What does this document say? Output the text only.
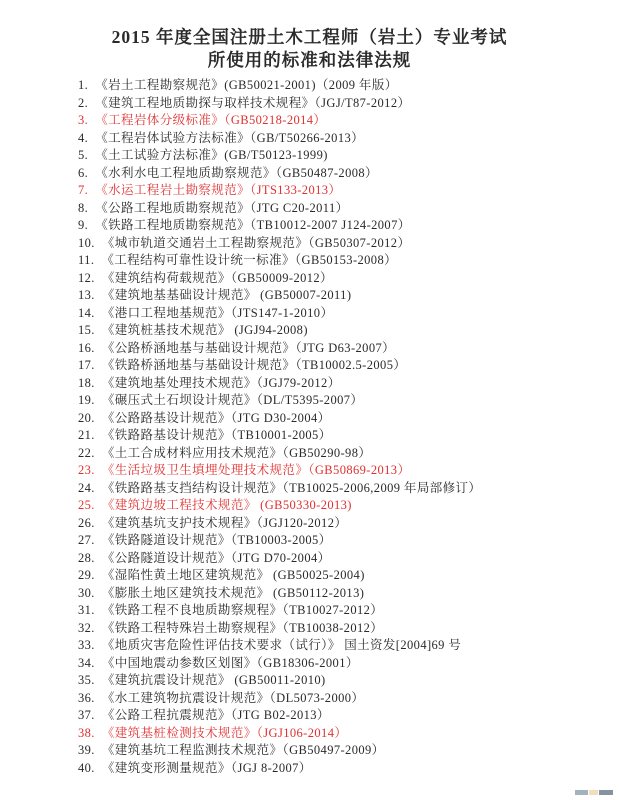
2015 年度全国注册土木工程师（岩土）专业考试
所使用的标准和法律法规
1. 《岩土工程勘察规范》(GB50021-2001)（2009 年版）
2. 《建筑工程地质勘探与取样技术规程》（JGJ/T87-2012）
3. 《工程岩体分级标准》（GB50218-2014）
4. 《工程岩体试验方法标准》（GB/T50266-2013）
5. 《土工试验方法标准》(GB/T50123-1999)
6. 《水利水电工程地质勘察规范》（GB50487-2008）
7. 《水运工程岩土勘察规范》（JTS133-2013）
8. 《公路工程地质勘察规范》（JTG C20-2011）
9. 《铁路工程地质勘察规范》（TB10012-2007 J124-2007）
10. 《城市轨道交通岩土工程勘察规范》（GB50307-2012）
11. 《工程结构可靠性设计统一标准》（GB50153-2008）
12. 《建筑结构荷载规范》（GB50009-2012）
13. 《建筑地基基础设计规范》 (GB50007-2011)
14. 《港口工程地基规范》（JTS147-1-2010）
15. 《建筑桩基技术规范》 (JGJ94-2008)
16. 《公路桥涵地基与基础设计规范》（JTG D63-2007）
17. 《铁路桥涵地基与基础设计规范》（TB10002.5-2005）
18. 《建筑地基处理技术规范》（JGJ79-2012）
19. 《碾压式土石坝设计规范》（DL/T5395-2007）
20. 《公路路基设计规范》（JTG D30-2004）
21. 《铁路路基设计规范》（TB10001-2005）
22. 《土工合成材料应用技术规范》（GB50290-98）
23. 《生活垃圾卫生填埋处理技术规范》（GB50869-2013）
24. 《铁路路基支挡结构设计规范》（TB10025-2006,2009 年局部修订）
25. 《建筑边坡工程技术规范》 (GB50330-2013)
26. 《建筑基坑支护技术规程》（JGJ120-2012）
27. 《铁路隧道设计规范》（TB10003-2005）
28. 《公路隧道设计规范》（JTG D70-2004）
29. 《湿陷性黄土地区建筑规范》 (GB50025-2004)
30. 《膨胀土地区建筑技术规范》 (GB50112-2013)
31. 《铁路工程不良地质勘察规程》（TB10027-2012）
32. 《铁路工程特殊岩土勘察规程》（TB10038-2012）
33. 《地质灾害危险性评估技术要求（试行）》 国土资发[2004]69 号
34. 《中国地震动参数区划图》（GB18306-2001）
35. 《建筑抗震设计规范》 (GB50011-2010)
36. 《水工建筑物抗震设计规范》（DL5073-2000）
37. 《公路工程抗震规范》（JTG B02-2013）
38. 《建筑基桩检测技术规范》（JGJ106-2014）
39. 《建筑基坑工程监测技术规范》（GB50497-2009）
40. 《建筑变形测量规范》（JGJ 8-2007）
